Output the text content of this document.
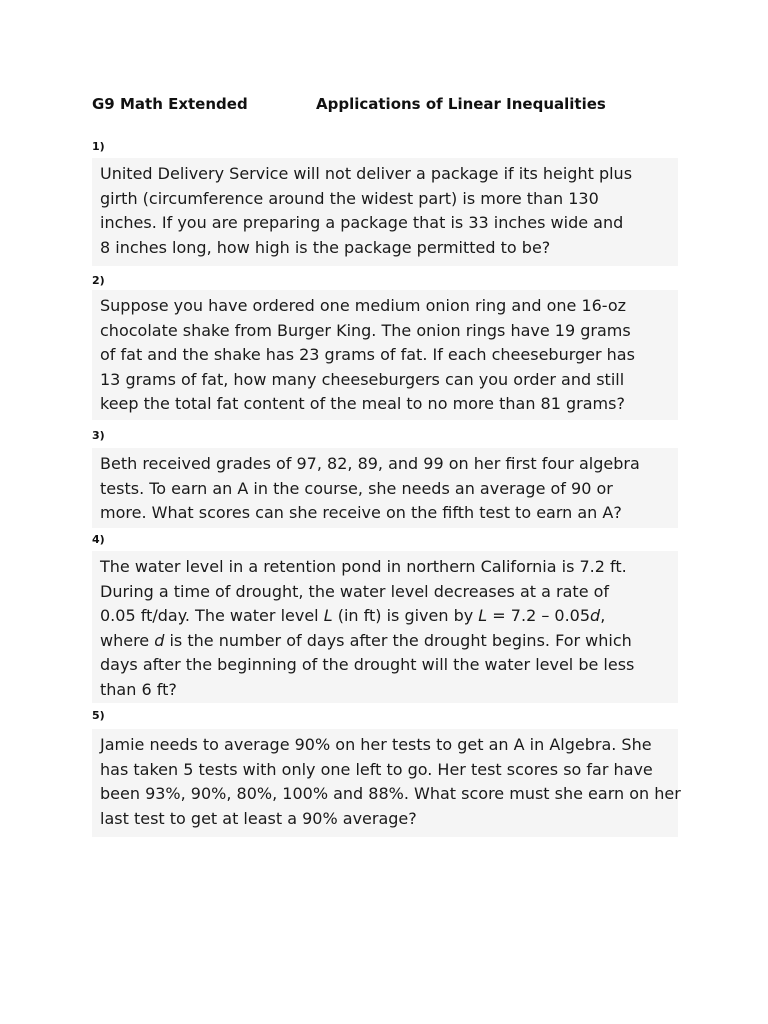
G9 Math Extended	Applications of Linear Inequalities
1)
United Delivery Service will not deliver a package if its height plus
girth (circumference around the widest part) is more than 130
inches. If you are preparing a package that is 33 inches wide and
8 inches long, how high is the package permitted to be?
2)
Suppose you have ordered one medium onion ring and one 16-oz
chocolate shake from Burger King. The onion rings have 19 grams
of fat and the shake has 23 grams of fat. If each cheeseburger has
13 grams of fat, how many cheeseburgers can you order and still
keep the total fat content of the meal to no more than 81 grams?
3)
Beth received grades of 97, 82, 89, and 99 on her first four algebra
tests. To earn an A in the course, she needs an average of 90 or
more. What scores can she receive on the fifth test to earn an A?
4)
The water level in a retention pond in northern California is 7.2 ft.
During a time of drought, the water level decreases at a rate of
0.05 ft/day. The water level L (in ft) is given by L = 7.2 – 0.05d,
where d is the number of days after the drought begins. For which
days after the beginning of the drought will the water level be less
than 6 ft?
5)
Jamie needs to average 90% on her tests to get an A in Algebra. She
has taken 5 tests with only one left to go. Her test scores so far have
been 93%, 90%, 80%, 100% and 88%. What score must she earn on her
last test to get at least a 90% average?
